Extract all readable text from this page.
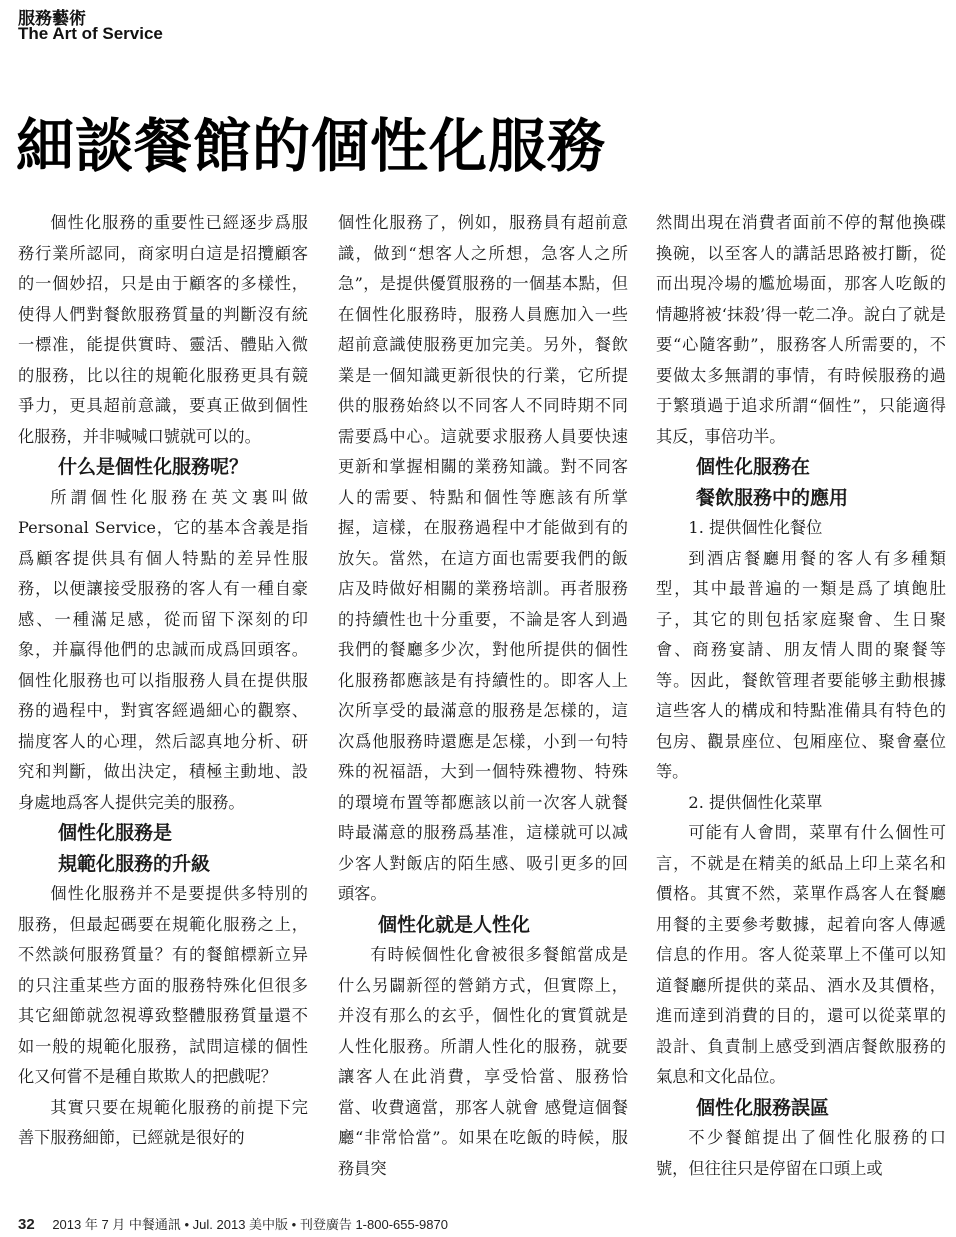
服務藝術
The Art of Service
細談餐館的個性化服務

個性化服務的重要性已經逐步爲服務行業所認同，商家明白這是招攬顧客的一個妙招，只是由于顧客的多樣性，使得人們對餐飲服務質量的判斷沒有統一標准，能提供實時、靈活、體貼入微的服務，比以往的規範化服務更具有競爭力，更具超前意識，要真正做到個性化服務，并非喊喊口號就可以的。

什么是個性化服務呢？

所謂個性化服務在英文裏叫做 Personal Service，它的基本含義是指爲顧客提供具有個人特點的差异性服務，以便讓接受服務的客人有一種自豪感、一種滿足感，從而留下深刻的印象，并贏得他們的忠誠而成爲回頭客。個性化服務也可以指服務人員在提供服務的過程中，對賓客經過細心的觀察、揣度客人的心理，然后認真地分析、研究和判斷，做出決定，積極主動地、設身處地爲客人提供完美的服務。

個性化服務是
規範化服務的升級

個性化服務并不是要提供多特別的服務，但最起碼要在規範化服務之上，不然談何服務質量？有的餐館標新立异的只注重某些方面的服務特殊化但很多其它細節就忽視導致整體服務質量還不如一般的規範化服務，試問這樣的個性化又何嘗不是種自欺欺人的把戲呢？

其實只要在規範化服務的前提下完善下服務細節，已經就是很好的

個性化服務了，例如，服務員有超前意識，做到“想客人之所想，急客人之所急”，是提供優質服務的一個基本點，但在個性化服務時，服務人員應加入一些超前意識使服務更加完美。另外，餐飲業是一個知識更新很快的行業，它所提供的服務始終以不同客人不同時期不同需要爲中心。這就要求服務人員要快速更新和掌握相關的業務知識。對不同客人的需要、特點和個性等應該有所掌握，這樣，在服務過程中才能做到有的放矢。當然，在這方面也需要我們的飯店及時做好相關的業務培訓。再者服務的持續性也十分重要，不論是客人到過我們的餐廳多少次，對他所提供的個性化服務都應該是有持續性的。即客人上次所享受的最滿意的服務是怎樣的，這次爲他服務時還應是怎樣，小到一句特殊的祝福語，大到一個特殊禮物、特殊的環境布置等都應該以前一次客人就餐時最滿意的服務爲基准，這樣就可以减少客人對飯店的陌生感、吸引更多的回頭客。

個性化就是人性化

有時候個性化會被很多餐館當成是什么另闢新徑的營銷方式，但實際上，并沒有那么的玄乎，個性化的實質就是人性化服務。所謂人性化的服務，就要讓客人在此消費，享受恰當、服務恰當、收費適當，那客人就會 感覺這個餐廳“非常恰當”。如果在吃飯的時候，服務員突

然間出現在消費者面前不停的幫他換碟換碗，以至客人的講話思路被打斷，從而出現冷場的尷尬場面，那客人吃飯的情趣將被‘抹殺’得一乾二净。說白了就是要“心隨客動”，服務客人所需要的，不要做太多無謂的事情，有時候服務的過于繁瑣過于追求所謂“個性”，只能適得其反，事倍功半。

個性化服務在
餐飲服務中的應用

1. 提供個性化餐位

到酒店餐廳用餐的客人有多種類型，其中最普遍的一類是爲了填飽肚子，其它的則包括家庭聚會、生日聚會、商務宴請、朋友情人間的聚餐等等。因此，餐飲管理者要能够主動根據這些客人的構成和特點准備具有特色的包房、觀景座位、包厢座位、聚會臺位等。

2. 提供個性化菜單

可能有人會問，菜單有什么個性可言，不就是在精美的紙品上印上菜名和價格。其實不然，菜單作爲客人在餐廳用餐的主要參考數據，起着向客人傳遞信息的作用。客人從菜單上不僅可以知道餐廳所提供的菜品、酒水及其價格，進而達到消費的目的，還可以從菜單的設計、負責制上感受到酒店餐飲服務的氣息和文化品位。

個性化服務誤區

不少餐館提出了個性化服務的口號，但往往只是停留在口頭上或

32 2013 年 7 月 中餐通訊 • Jul. 2013 美中版 • 刊登廣告 1-800-655-9870
